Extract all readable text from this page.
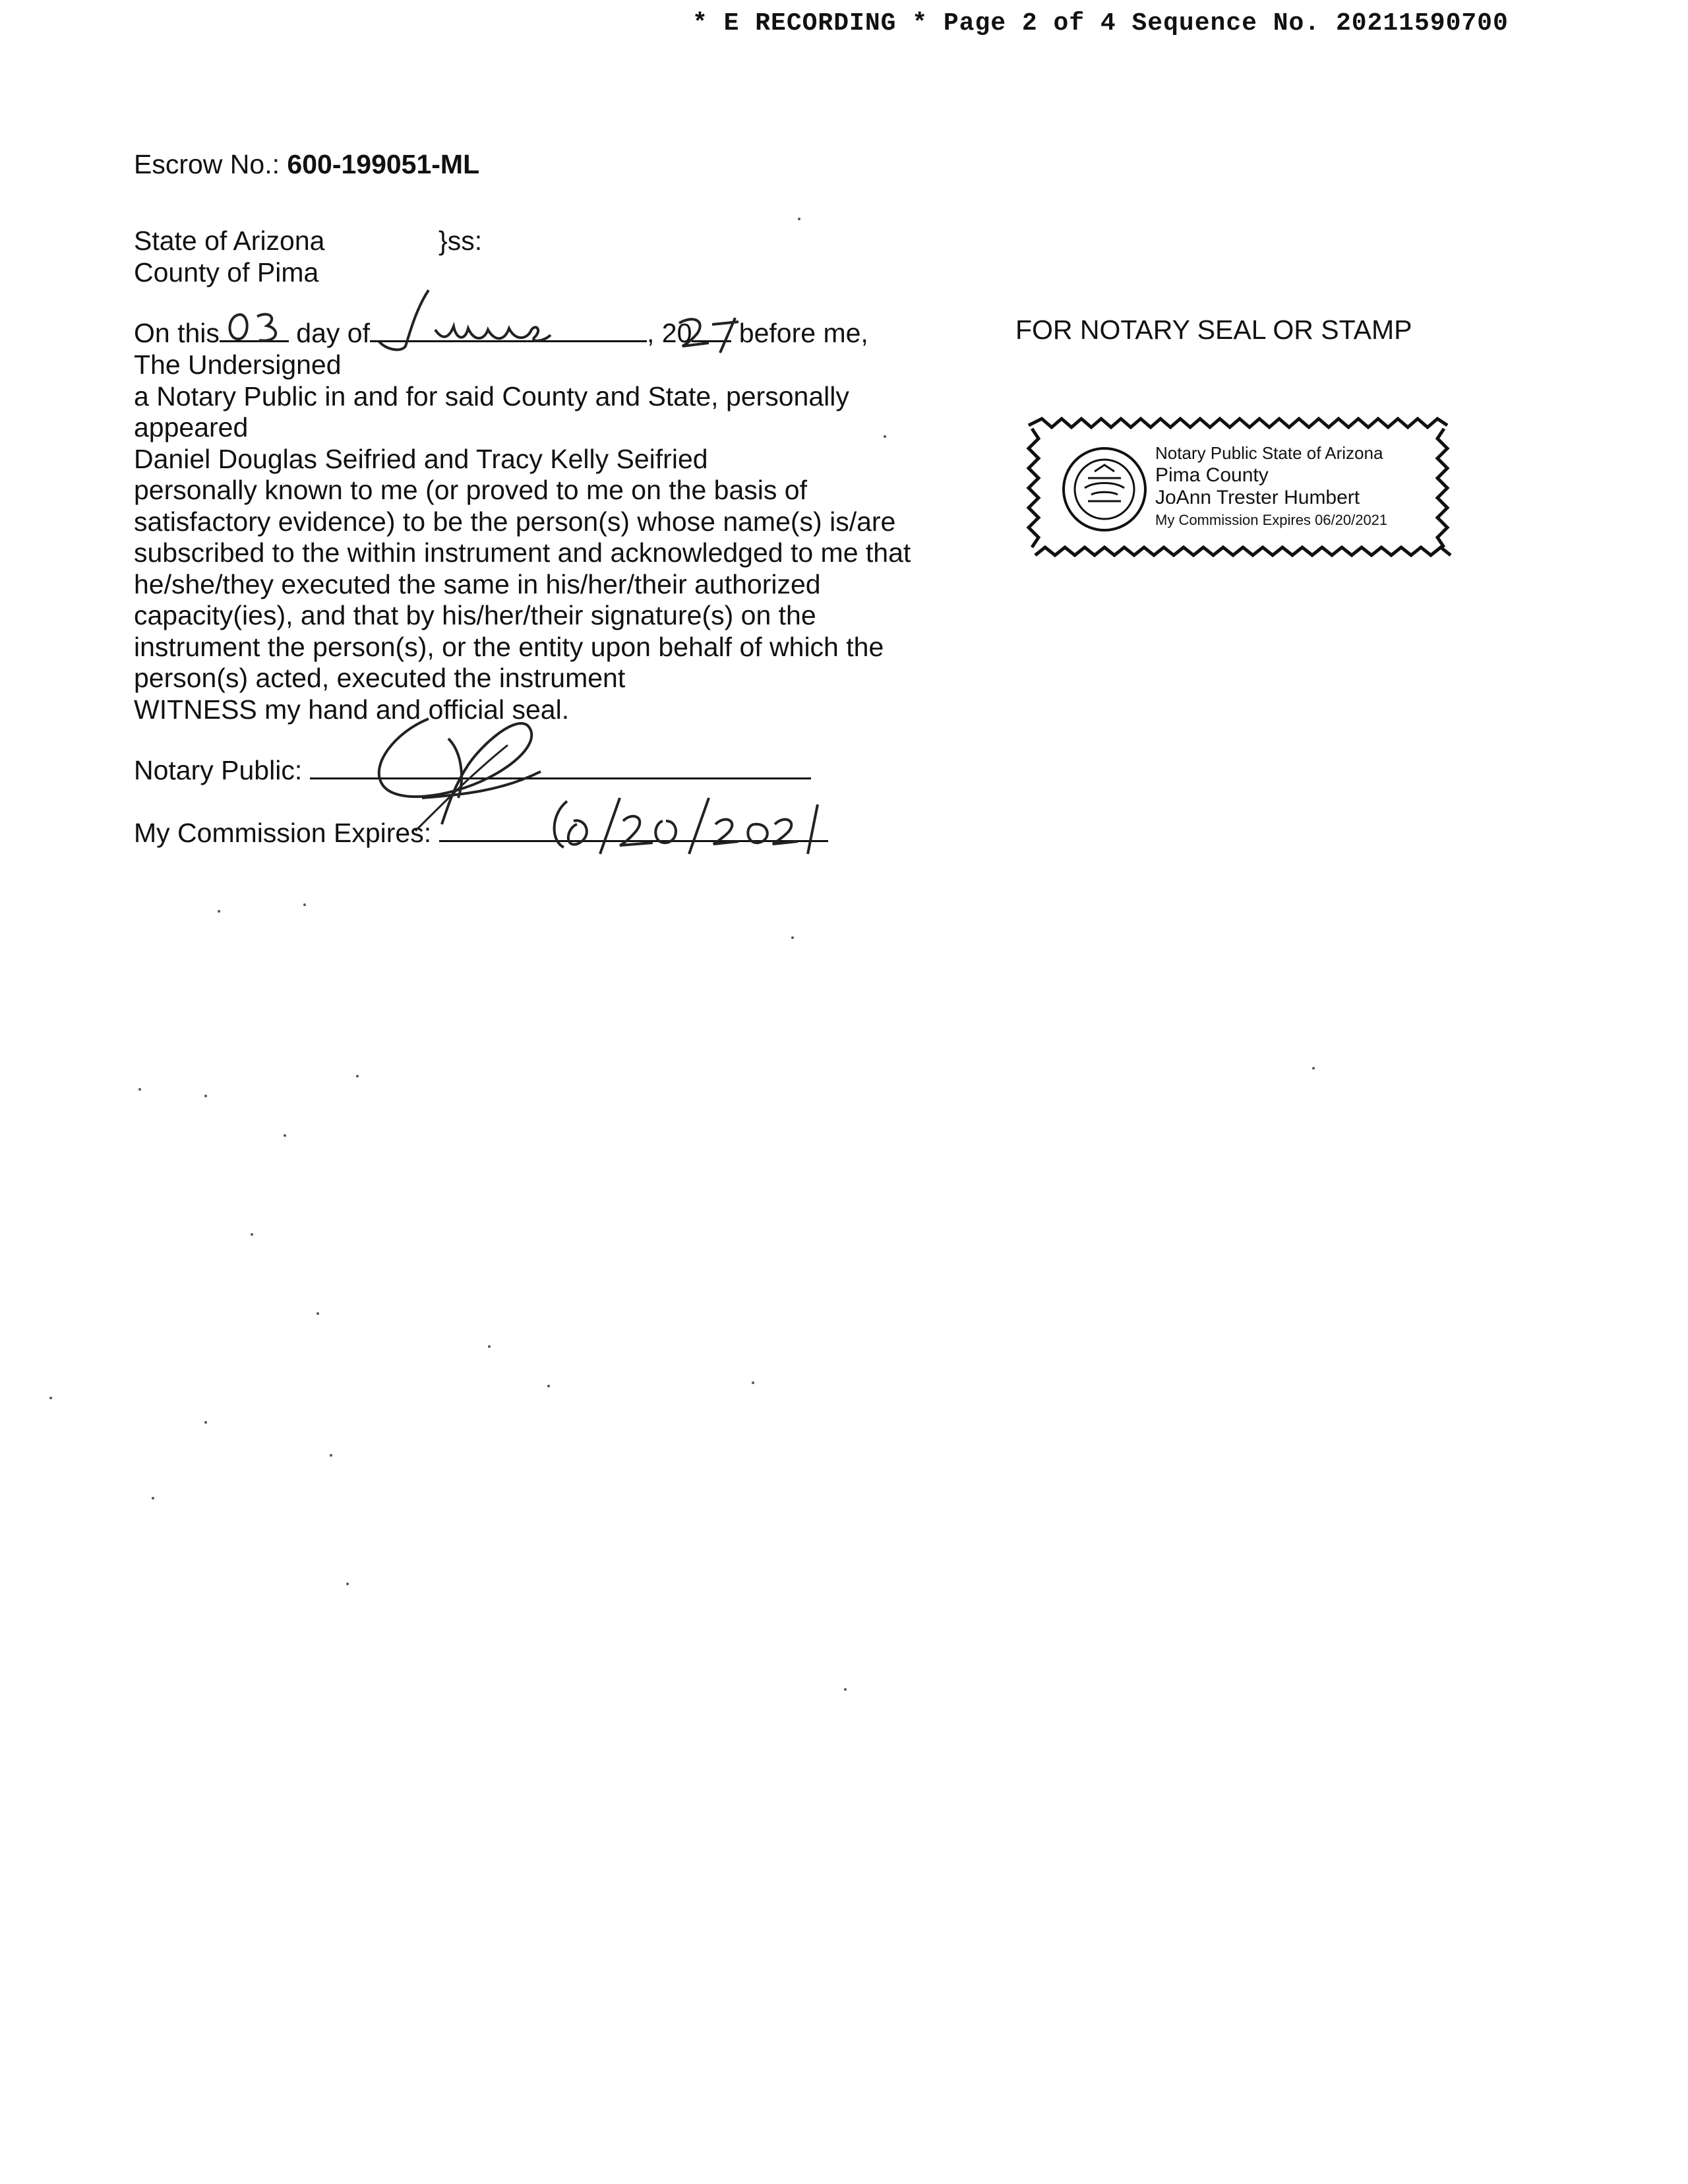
* E RECORDING * Page 2 of 4 Sequence No. 20211590700
Escrow No.: 600-199051-ML
State of Arizona	}ss:
County of Pima
On this	day of	, 20 before me,
The Undersigned
a Notary Public in and for said County and State, personally
appeared
Daniel Douglas Seifried and Tracy Kelly Seifried
personally known to me (or proved to me on the basis of
satisfactory evidence) to be the person(s) whose name(s) is/are
subscribed to the within instrument and acknowledged to me that
he/she/they executed the same in his/her/their authorized
capacity(ies), and that by his/her/their signature(s) on the
instrument the person(s), or the entity upon behalf of which the
person(s) acted, executed the instrument
WITNESS my hand and official seal.
Notary Public:
My Commission Expires:
FOR NOTARY SEAL OR STAMP
Notary Public State of Arizona
Pima County
JoAnn Trester Humbert
My Commission Expires 06/20/2021
